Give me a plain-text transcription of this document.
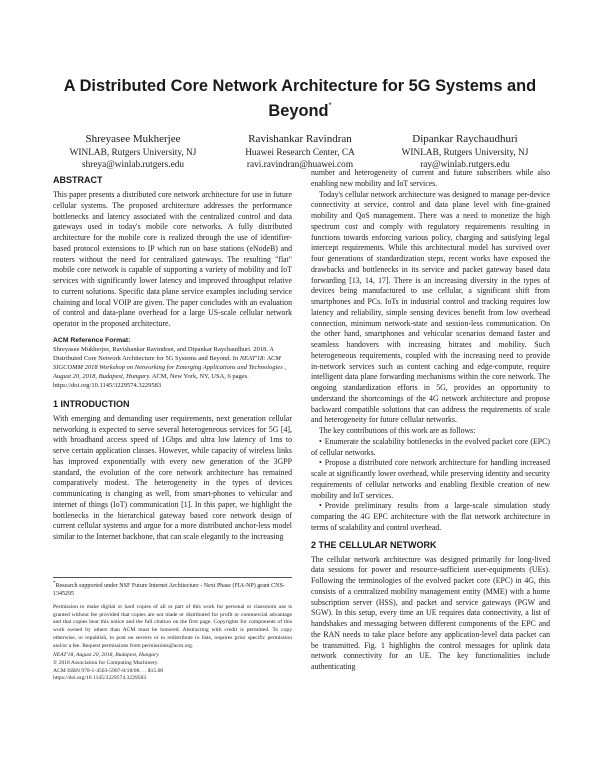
A Distributed Core Network Architecture for 5G Systems and Beyond*
Shreyasee Mukherjee
WINLAB, Rutgers University, NJ
shreya@winlab.rutgers.edu
Ravishankar Ravindran
Huawei Research Center, CA
ravi.ravindran@huawei.com
Dipankar Raychaudhuri
WINLAB, Rutgers University, NJ
ray@winlab.rutgers.edu
ABSTRACT

This paper presents a distributed core network architecture for use in future cellular systems. The proposed architecture addresses the performance bottlenecks and latency associated with the centralized control and data gateways used in today's mobile core networks. A fully distributed architecture for the mobile core is realized through the use of identifier-based protocol extensions to IP which run on base stations (eNodeB) and routers without the need for centralized gateways. The resulting "flat" mobile core network is capable of supporting a variety of mobility and IoT services with significantly lower latency and improved throughput relative to current solutions. Specific data plane service examples including service chaining and local VOIP are given. The paper concludes with an evaluation of control and data-plane overhead for a large US-scale cellular network operator in the proposed architecture.

ACM Reference Format:

Shreyasee Mukherjee, Ravishankar Ravindran, and Dipankar Raychaudhuri. 2018. A Distributed Core Network Architecture for 5G Systems and Beyond. In NEAT'18: ACM SIGCOMM 2018 Workshop on Networking for Emerging Applications and Technologies , August 20, 2018, Budapest, Hungary. ACM, New York, NY, USA, 6 pages. https://doi.org/10.1145/3229574.3229583

1 INTRODUCTION

With emerging and demanding user requirements, next generation cellular networking is expected to serve several heterogeneous services for 5G [4], with broadband access speed of 1Gbps and ultra low latency of 1ms to serve certain application classes. However, while capacity of wireless links has improved exponentially with every new generation of the 3GPP standard, the evolution of the core network architecture has remained comparatively modest. The heterogeneity in the types of devices communicating is changing as well, from smart-phones to vehicular and internet of things (IoT) communication [1]. In this paper, we highlight the bottlenecks in the hierarchical gateway based core network design of current cellular systems and argue for a more distributed anchor-less model similar to the Internet backbone, that can scale elegantly to the increasing

*Research supported under NSF Future Internet Architecture - Next Phase (FIA-NP) grant CNS-1345295

Permission to make digital or hard copies of all or part of this work for personal or classroom use is granted without fee provided that copies are not made or distributed for profit or commercial advantage and that copies bear this notice and the full citation on the first page. Copyrights for components of this work owned by others than ACM must be honored. Abstracting with credit is permitted. To copy otherwise, or republish, to post on servers or to redistribute to lists, requires prior specific permission and/or a fee. Request permissions from permissions@acm.org.

NEAT'18, August 20, 2018, Budapest, Hungary
© 2018 Association for Computing Machinery.
ACM ISBN 978-1-4503-5907-8/18/08. . . $15.00
https://doi.org/10.1145/3229574.3229583

number and heterogeneity of current and future subscribers while also enabling new mobility and IoT services.

Today's cellular network architecture was designed to manage per-device connectivity at service, control and data plane level with fine-grained mobility and QoS management. There was a need to monetize the high spectrum cost and comply with regulatory requirements resulting in functions towards enforcing various policy, charging and satisfying legal intercept requirements. While this architectural model has survived over four generations of standardization steps, recent works have exposed the drawbacks and bottlenecks in its service and packet gateway based data forwarding [13, 14, 17]. There is an increasing diversity in the types of devices being manufactured to use cellular, a significant shift from smartphones and PCs. IoTs in industrial control and tracking requires low latency and reliability, simple sensing devices benefit from low overhead connection, minimum network-state and session-less communication. On the other hand, smartphones and vehicular scenarios demand faster and seamless handovers with increasing bitrates and mobility. Such heterogeneous requirements, coupled with the increasing need to provide in-network services such as content caching and edge-compute, require intelligent data plane forwarding mechanisms within the core network. The ongoing standardization efforts in 5G, provides an opportunity to understand the shortcomings of the 4G network architecture and propose backward compatible solutions that can address the requirements of scale and heterogeneity for future cellular networks.

The key contributions of this work are as follows:

• Enumerate the scalability bottlenecks in the evolved packet core (EPC) of cellular networks.
• Propose a distributed core network architecture for handling increased scale at significantly lower overhead, while preserving identity and security requirements of cellular networks and enabling flexible creation of new mobility and IoT services.
• Provide preliminary results from a large-scale simulation study comparing the 4G EPC architecture with the flat network architecture in terms of scalability and control overhead.
2 THE CELLULAR NETWORK

The cellular network architecture was designed primarily for long-lived data sessions for power and resource-sufficient user-equipments (UEs). Following the terminologies of the evolved packet core (EPC) in 4G, this consists of a centralized mobility management entity (MME) with a home subscription server (HSS), and packet and service gateways (PGW and SGW). In this setup, every time an UE requires data connectivity, a list of handshakes and messaging between different components of the EPC and the RAN needs to take place before any application-level data packet can be transmitted. Fig. 1 highlights the control messages for uplink data network connectivity for an UE. The key functionalities include authenticating
